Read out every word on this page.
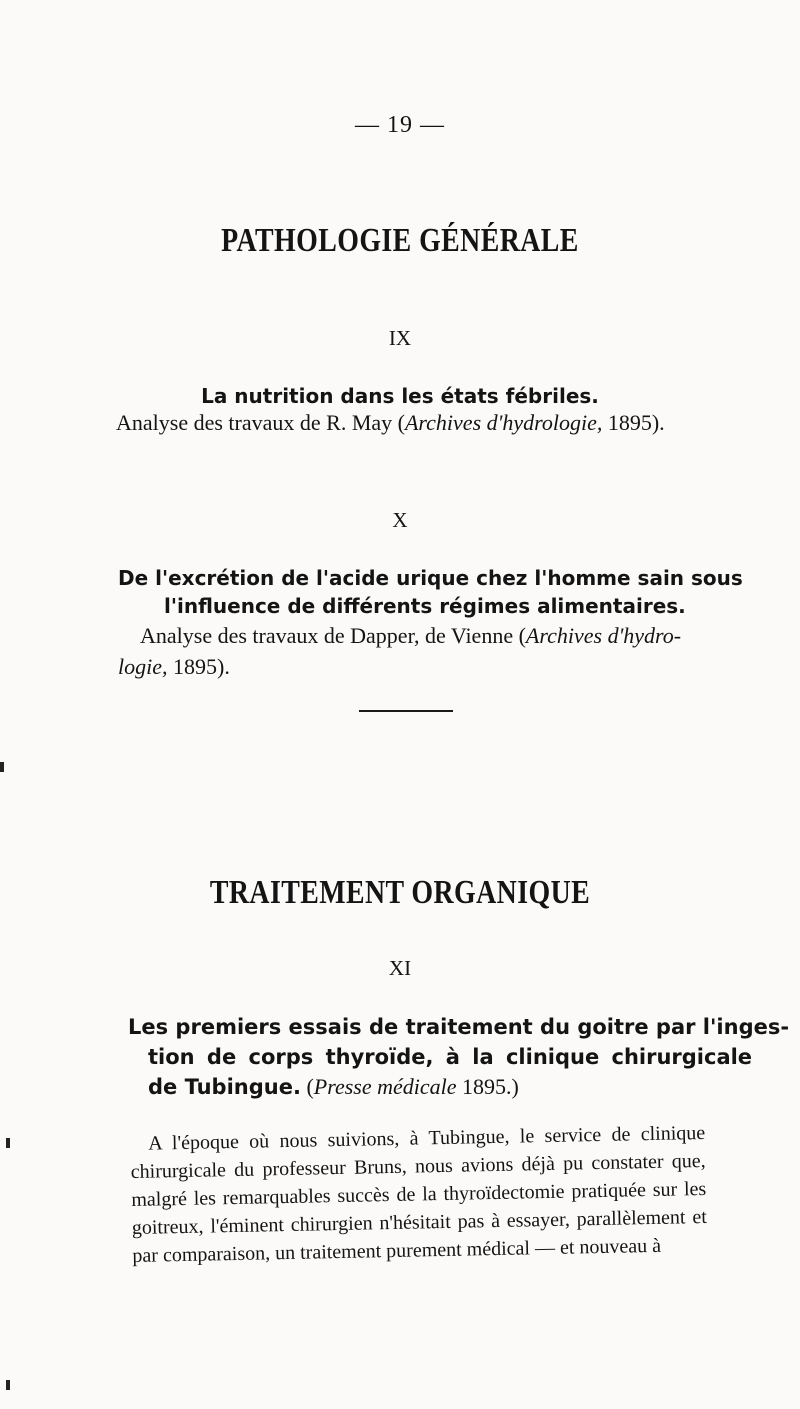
— 19 —
PATHOLOGIE GÉNÉRALE
IX
La nutrition dans les états fébriles.
Analyse des travaux de R. May (Archives d'hydrologie, 1895).
X
De l'excrétion de l'acide urique chez l'homme sain sous
l'influence de différents régimes alimentaires.
Analyse des travaux de Dapper, de Vienne (Archives d'hydro-
logie, 1895).
TRAITEMENT ORGANIQUE
XI
Les premiers essais de traitement du goitre par l'inges-
tion de corps thyroïde, à la clinique chirurgicale
de Tubingue. (Presse médicale 1895.)

A l'époque où nous suivions, à Tubingue, le service de clinique chirurgicale du professeur Bruns, nous avions déjà pu constater que, malgré les remarquables succès de la thyroïdectomie pratiquée sur les goitreux, l'éminent chirurgien n'hésitait pas à essayer, parallèlement et par comparaison, un traitement purement médical — et nouveau à
